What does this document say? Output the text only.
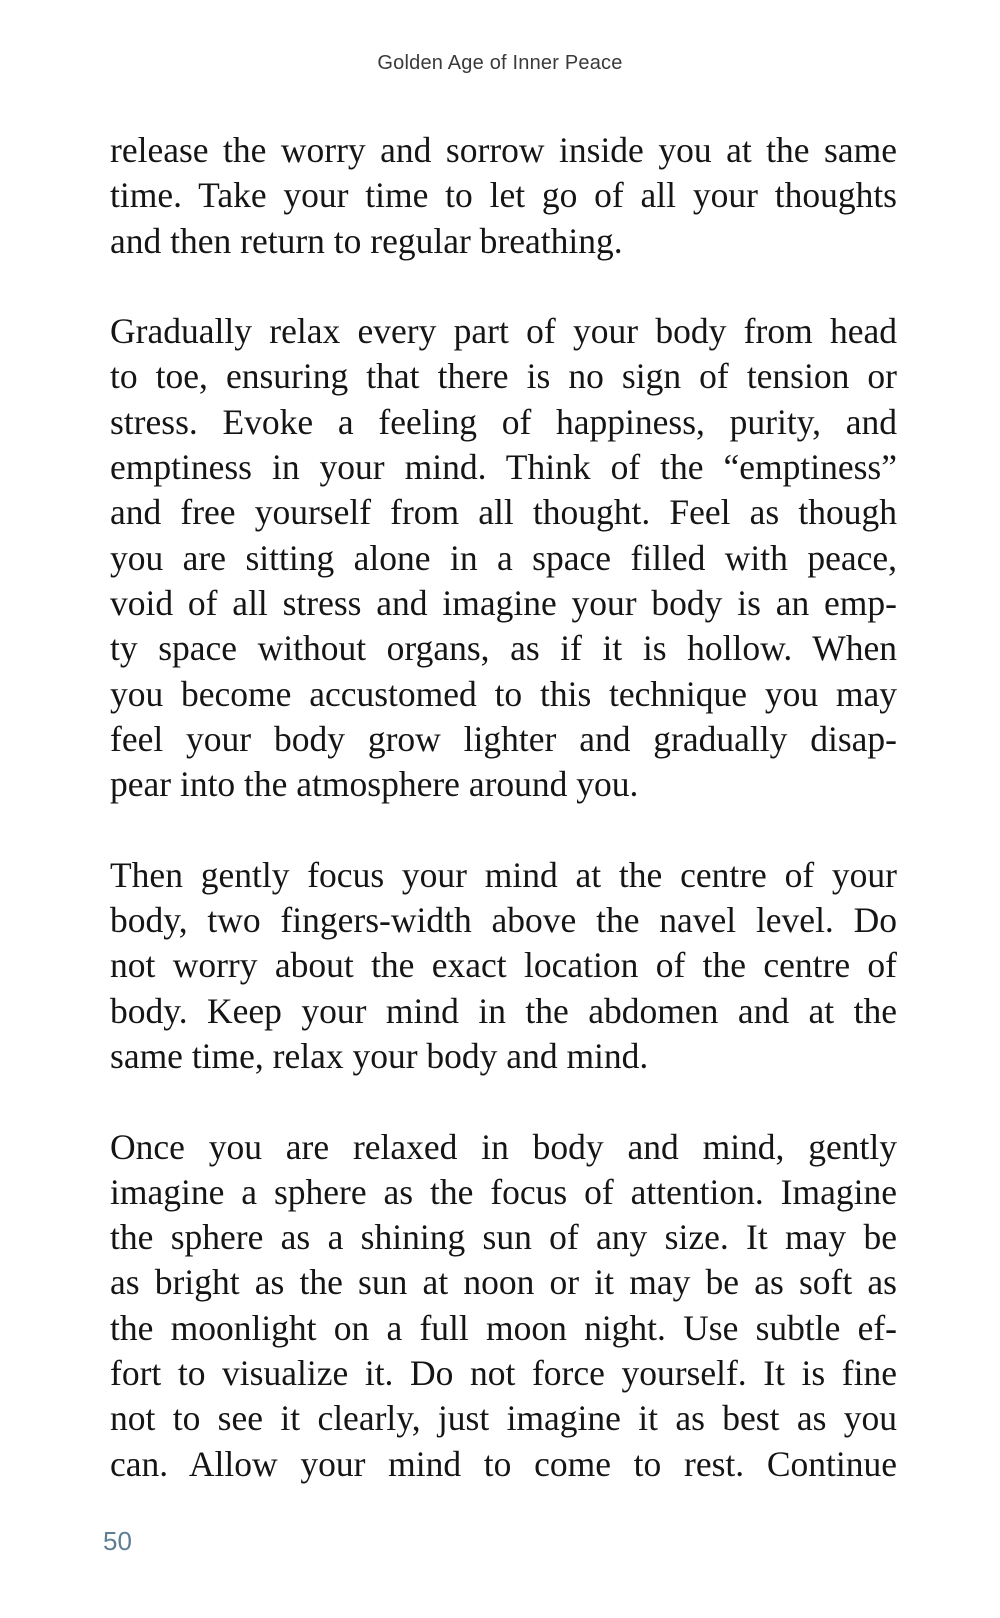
Golden Age of Inner Peace

release the worry and sorrow inside you at the same
time. Take your time to let go of all your thoughts
and then return to regular breathing.

Gradually relax every part of your body from head
to toe, ensuring that there is no sign of tension or
stress. Evoke a feeling of happiness, purity, and
emptiness in your mind. Think of the “emptiness”
and free yourself from all thought. Feel as though
you are sitting alone in a space filled with peace,
void of all stress and imagine your body is an emp-
ty space without organs, as if it is hollow. When
you become accustomed to this technique you may
feel your body grow lighter and gradually disap-
pear into the atmosphere around you.

Then gently focus your mind at the centre of your
body, two fingers-width above the navel level. Do
not worry about the exact location of the centre of
body. Keep your mind in the abdomen and at the
same time, relax your body and mind.

Once you are relaxed in body and mind, gently
imagine a sphere as the focus of attention. Imagine
the sphere as a shining sun of any size. It may be
as bright as the sun at noon or it may be as soft as
the moonlight on a full moon night. Use subtle ef-
fort to visualize it. Do not force yourself. It is fine
not to see it clearly, just imagine it as best as you
can. Allow your mind to come to rest. Continue

50
